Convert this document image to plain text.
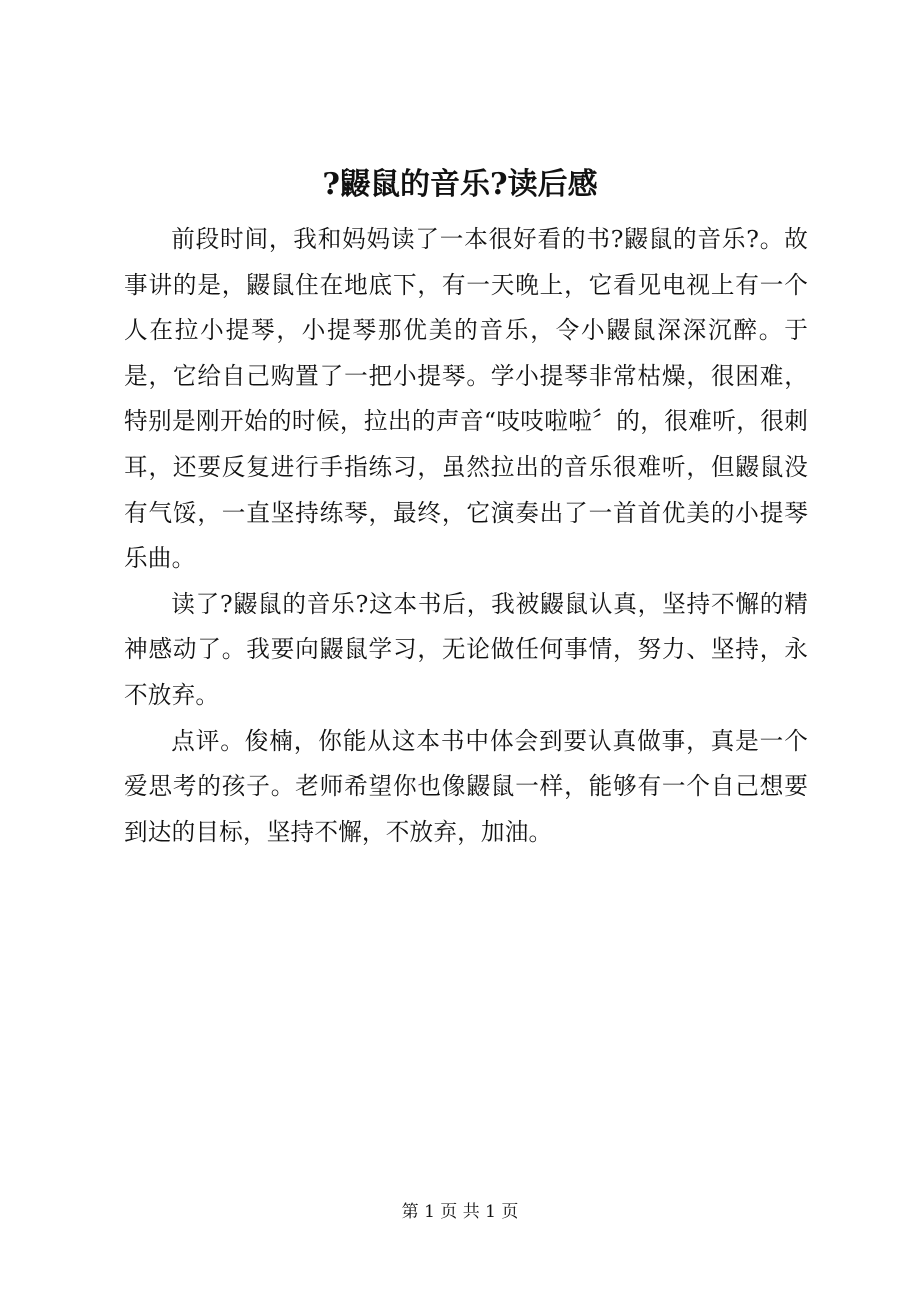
?鼹鼠的音乐?读后感

前段时间，我和妈妈读了一本很好看的书?鼹鼠的音乐?。故事讲的是，鼹鼠住在地底下，有一天晚上，它看见电视上有一个人在拉小提琴，小提琴那优美的音乐，令小鼹鼠深深沉醉。于是，它给自己购置了一把小提琴。学小提琴非常枯燥，很困难，特别是刚开始的时候，拉出的声音“吱吱啦啦〞的，很难听，很刺耳，还要反复进行手指练习，虽然拉出的音乐很难听，但鼹鼠没有气馁，一直坚持练琴，最终，它演奏出了一首首优美的小提琴乐曲。

读了?鼹鼠的音乐?这本书后，我被鼹鼠认真，坚持不懈的精神感动了。我要向鼹鼠学习，无论做任何事情，努力、坚持，永不放弃。

点评。俊楠，你能从这本书中体会到要认真做事，真是一个爱思考的孩子。老师希望你也像鼹鼠一样，能够有一个自己想要到达的目标，坚持不懈，不放弃，加油。

第 1 页 共 1 页
